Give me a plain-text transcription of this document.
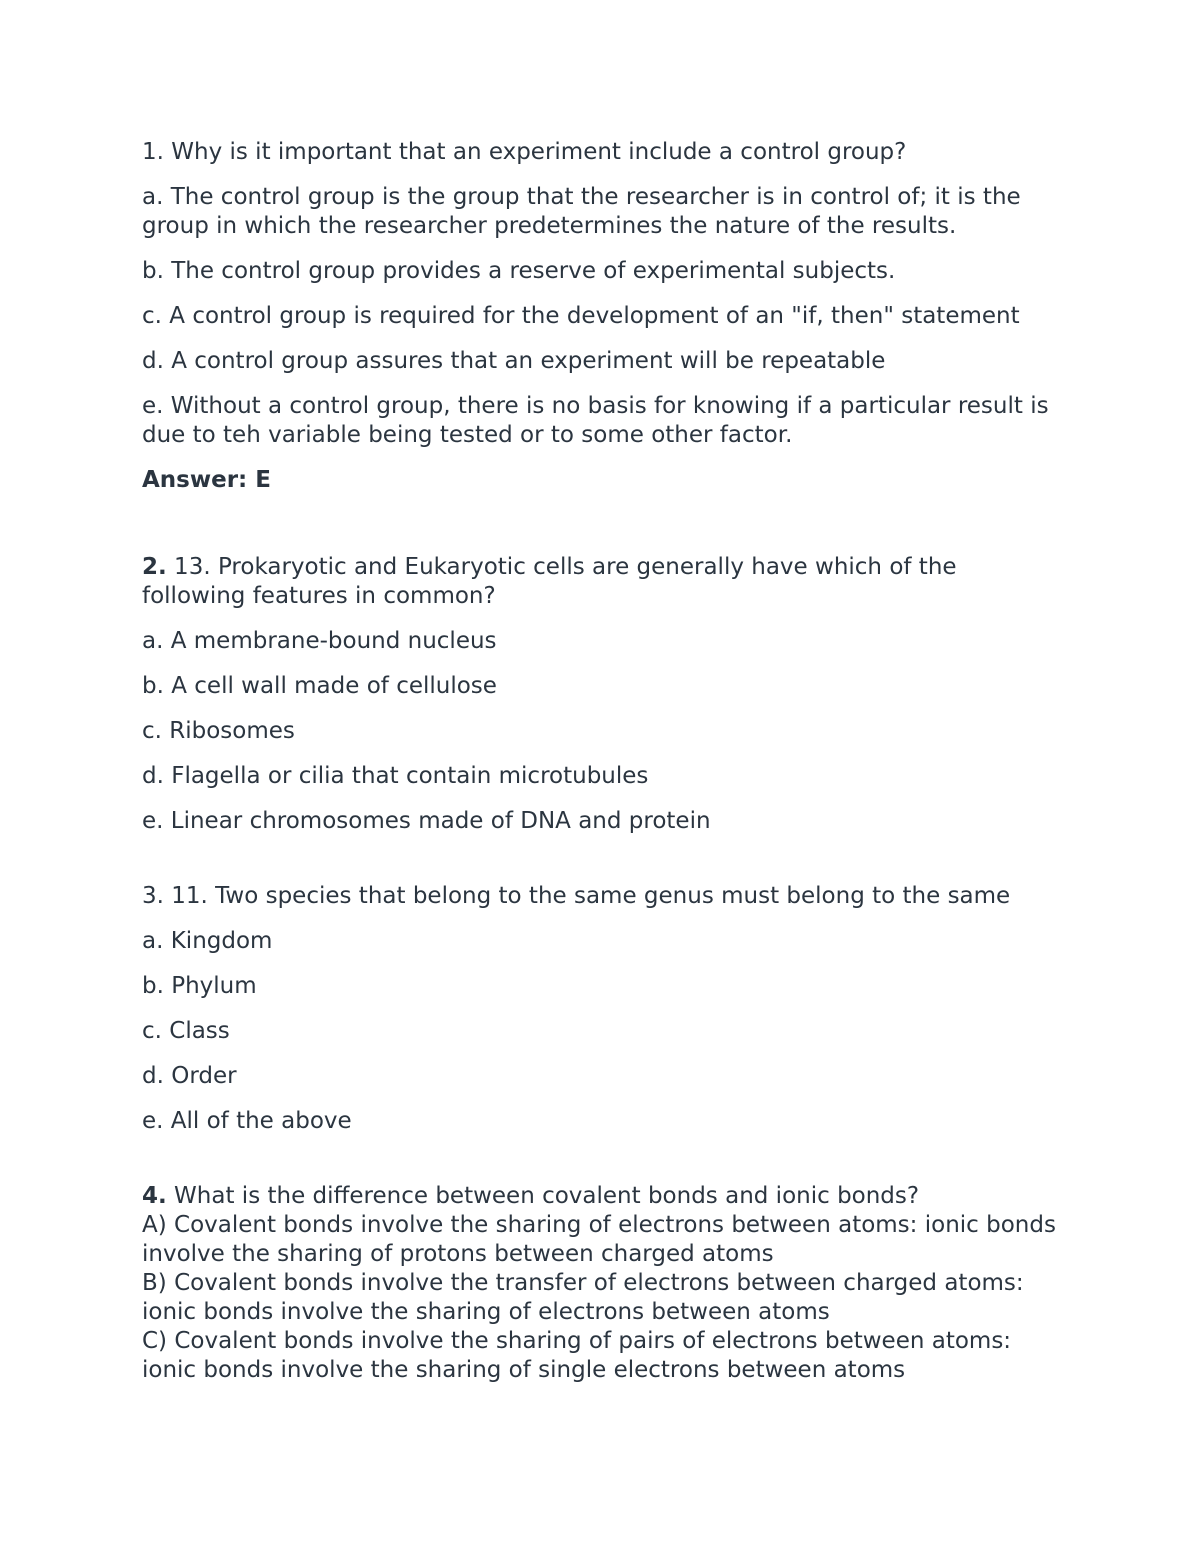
1. Why is it important that an experiment include a control group?

a. The control group is the group that the researcher is in control of; it is the group in which the researcher predetermines the nature of the results.

b. The control group provides a reserve of experimental subjects.

c. A control group is required for the development of an "if, then" statement

d. A control group assures that an experiment will be repeatable

e. Without a control group, there is no basis for knowing if a particular result is due to teh variable being tested or to some other factor.

Answer: E

2. 13. Prokaryotic and Eukaryotic cells are generally have which of the following features in common?

a. A membrane-bound nucleus

b. A cell wall made of cellulose

c. Ribosomes

d. Flagella or cilia that contain microtubules

e. Linear chromosomes made of DNA and protein

3. 11. Two species that belong to the same genus must belong to the same

a. Kingdom

b. Phylum

c. Class

d. Order

e. All of the above

4. What is the difference between covalent bonds and ionic bonds?

A) Covalent bonds involve the sharing of electrons between atoms: ionic bonds involve the sharing of protons between charged atoms

B) Covalent bonds involve the transfer of electrons between charged atoms: ionic bonds involve the sharing of electrons between atoms

C) Covalent bonds involve the sharing of pairs of electrons between atoms: ionic bonds involve the sharing of single electrons between atoms
